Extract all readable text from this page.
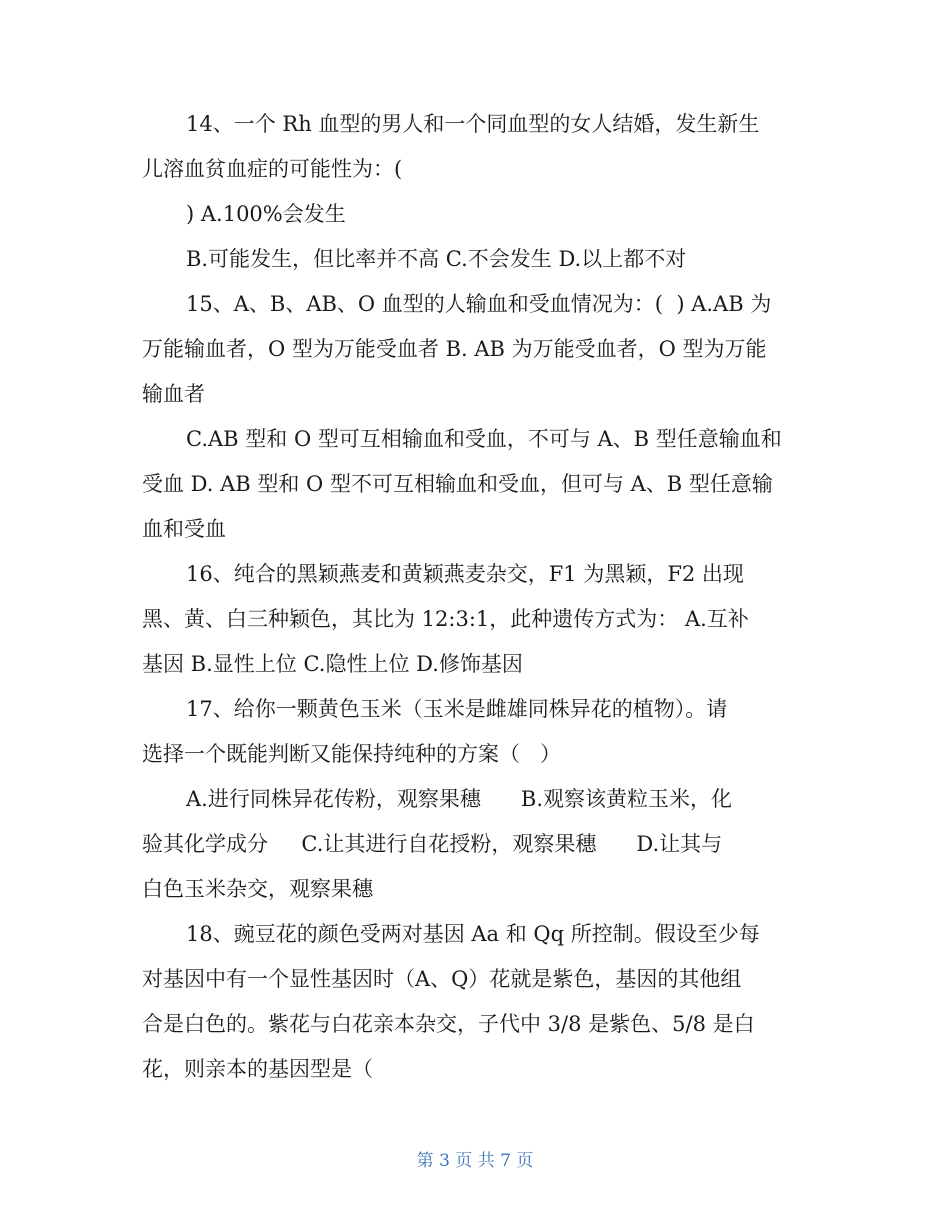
14、一个 Rh 血型的男人和一个同血型的女人结婚，发生新生
儿溶血贫血症的可能性为：(
) A.100%会发生
B.可能发生，但比率并不高 C.不会发生 D.以上都不对
15、A、B、AB、O 血型的人输血和受血情况为：(  ) A.AB 为
万能输血者，O 型为万能受血者 B. AB 为万能受血者，O 型为万能
输血者
C.AB 型和 O 型可互相输血和受血，不可与 A、B 型任意输血和
受血 D. AB 型和 O 型不可互相输血和受血，但可与 A、B 型任意输
血和受血
16、纯合的黑颖燕麦和黄颖燕麦杂交，F1 为黑颖，F2 出现
黑、黄、白三种颖色，其比为 12:3:1，此种遗传方式为： A.互补
基因 B.显性上位 C.隐性上位 D.修饰基因
17、给你一颗黄色玉米（玉米是雌雄同株异花的植物）。请
选择一个既能判断又能保持纯种的方案（   ）
A.进行同株异花传粉，观察果穗      B.观察该黄粒玉米，化
验其化学成分     C.让其进行自花授粉，观察果穗      D.让其与
白色玉米杂交，观察果穗
18、豌豆花的颜色受两对基因 Aa 和 Qq 所控制。假设至少每
对基因中有一个显性基因时（A、Q）花就是紫色，基因的其他组
合是白色的。紫花与白花亲本杂交，子代中 3/8 是紫色、5/8 是白
花，则亲本的基因型是（
第 3 页 共 7 页
